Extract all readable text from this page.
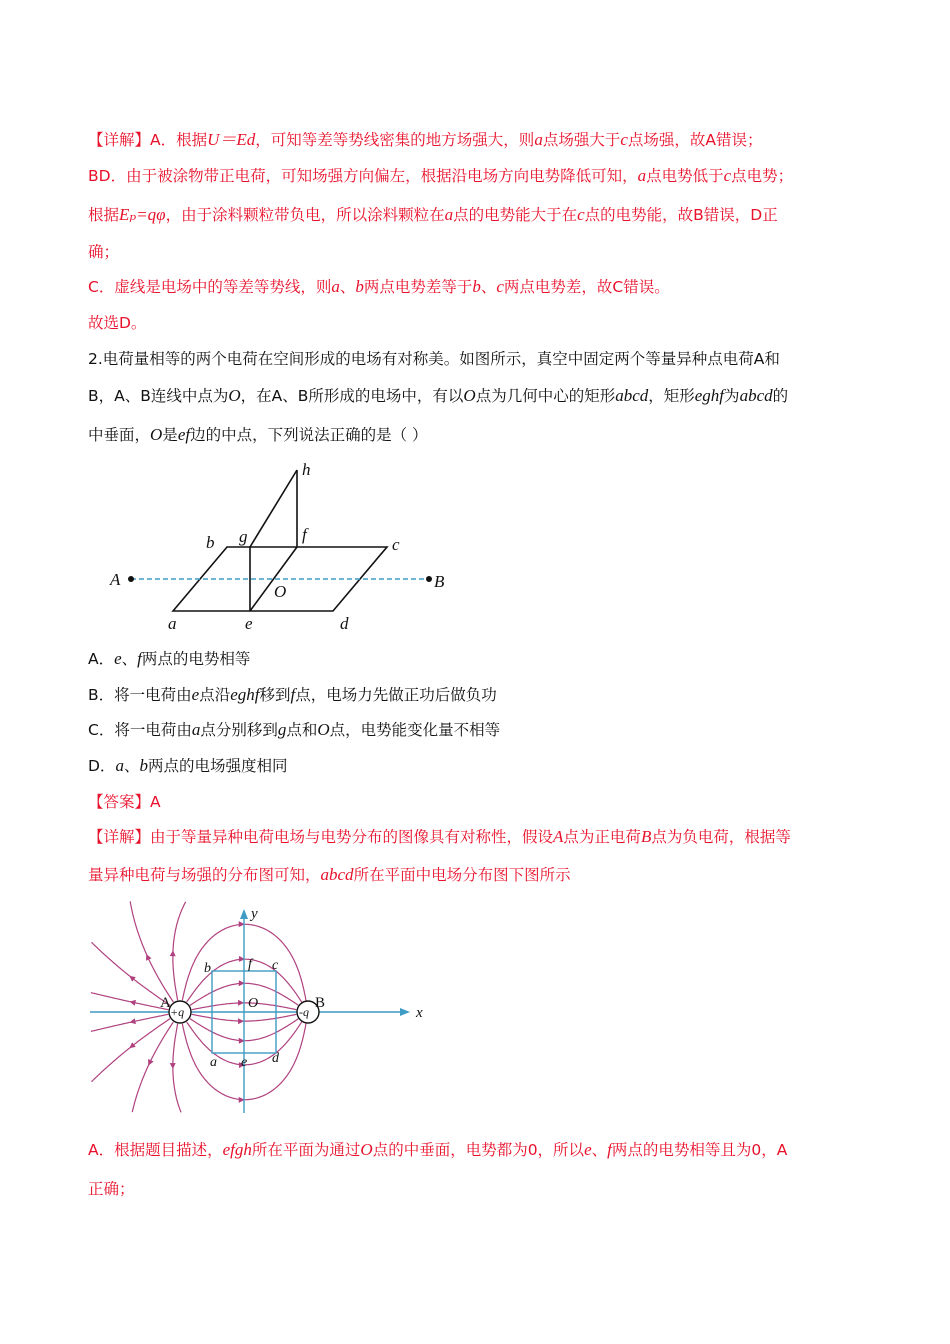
【详解】A．根据U＝Ed，可知等差等势线密集的地方场强大，则a点场强大于c点场强，故A错误；
BD．由于被涂物带正电荷，可知场强方向偏左，根据沿电场方向电势降低可知，a点电势低于c点电势；
根据Eₚ=qφ，由于涂料颗粒带负电，所以涂料颗粒在a点的电势能大于在c点的电势能，故B错误，D正
确；
C．虚线是电场中的等差等势线，则a、b两点电势差等于b、c两点电势差，故C错误。
故选D。
2.电荷量相等的两个电荷在空间形成的电场有对称美。如图所示，真空中固定两个等量异种点电荷A和
B，A、B连线中点为O，在A、B所形成的电场中，有以O点为几何中心的矩形abcd，矩形eghf为abcd的
中垂面，O是ef边的中点，下列说法正确的是（ ）
h
g	f
b	c
A	B
O
a	e	d
A．e、f两点的电势相等
B．将一电荷由e点沿eghf移到f点，电场力先做正功后做负功
C．将一电荷由a点分别移到g点和O点，电势能变化量不相等
D．a、b两点的电场强度相同
【答案】A
【详解】由于等量异种电荷电场与电势分布的图像具有对称性，假设A点为正电荷B点为负电荷，根据等
量异种电荷与场强的分布图可知，abcd所在平面中电场分布图下图所示
+q	-q
A	B
y
x
O
b	f c
a e d
A．根据题目描述，efgh所在平面为通过O点的中垂面，电势都为0，所以e、f两点的电势相等且为0，A
正确；
